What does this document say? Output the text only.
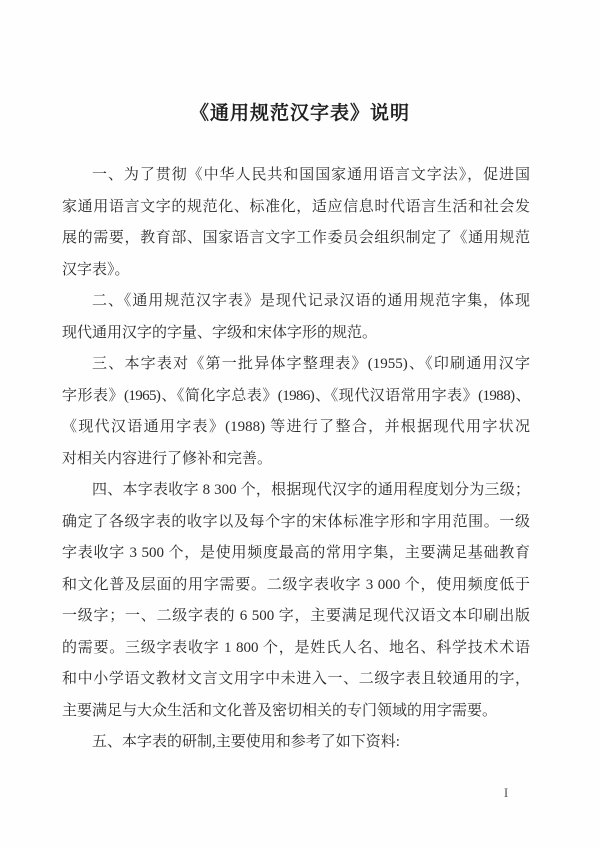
《通用规范汉字表》说明
一、为了贯彻《中华人民共和国国家通用语言文字法》，促进国
家通用语言文字的规范化、标准化，适应信息时代语言生活和社会发
展的需要，教育部、国家语言文字工作委员会组织制定了《通用规范
汉字表》。
二、《通用规范汉字表》是现代记录汉语的通用规范字集，体现
现代通用汉字的字量、字级和宋体字形的规范。
三、本字表对《第一批异体字整理表》(1955)、《印刷通用汉字
字形表》(1965)、《简化字总表》(1986)、《现代汉语常用字表》(1988)、
《现代汉语通用字表》(1988) 等进行了整合，并根据现代用字状况
对相关内容进行了修补和完善。
四、本字表收字 8 300 个，根据现代汉字的通用程度划分为三级；
确定了各级字表的收字以及每个字的宋体标准字形和字用范围。一级
字表收字 3 500 个，是使用频度最高的常用字集，主要满足基础教育
和文化普及层面的用字需要。二级字表收字 3 000 个，使用频度低于
一级字；一、二级字表的 6 500 字，主要满足现代汉语文本印刷出版
的需要。三级字表收字 1 800 个，是姓氏人名、地名、科学技术术语
和中小学语文教材文言文用字中未进入一、二级字表且较通用的字，
主要满足与大众生活和文化普及密切相关的专门领域的用字需要。
五、本字表的研制,主要使用和参考了如下资料:
I
